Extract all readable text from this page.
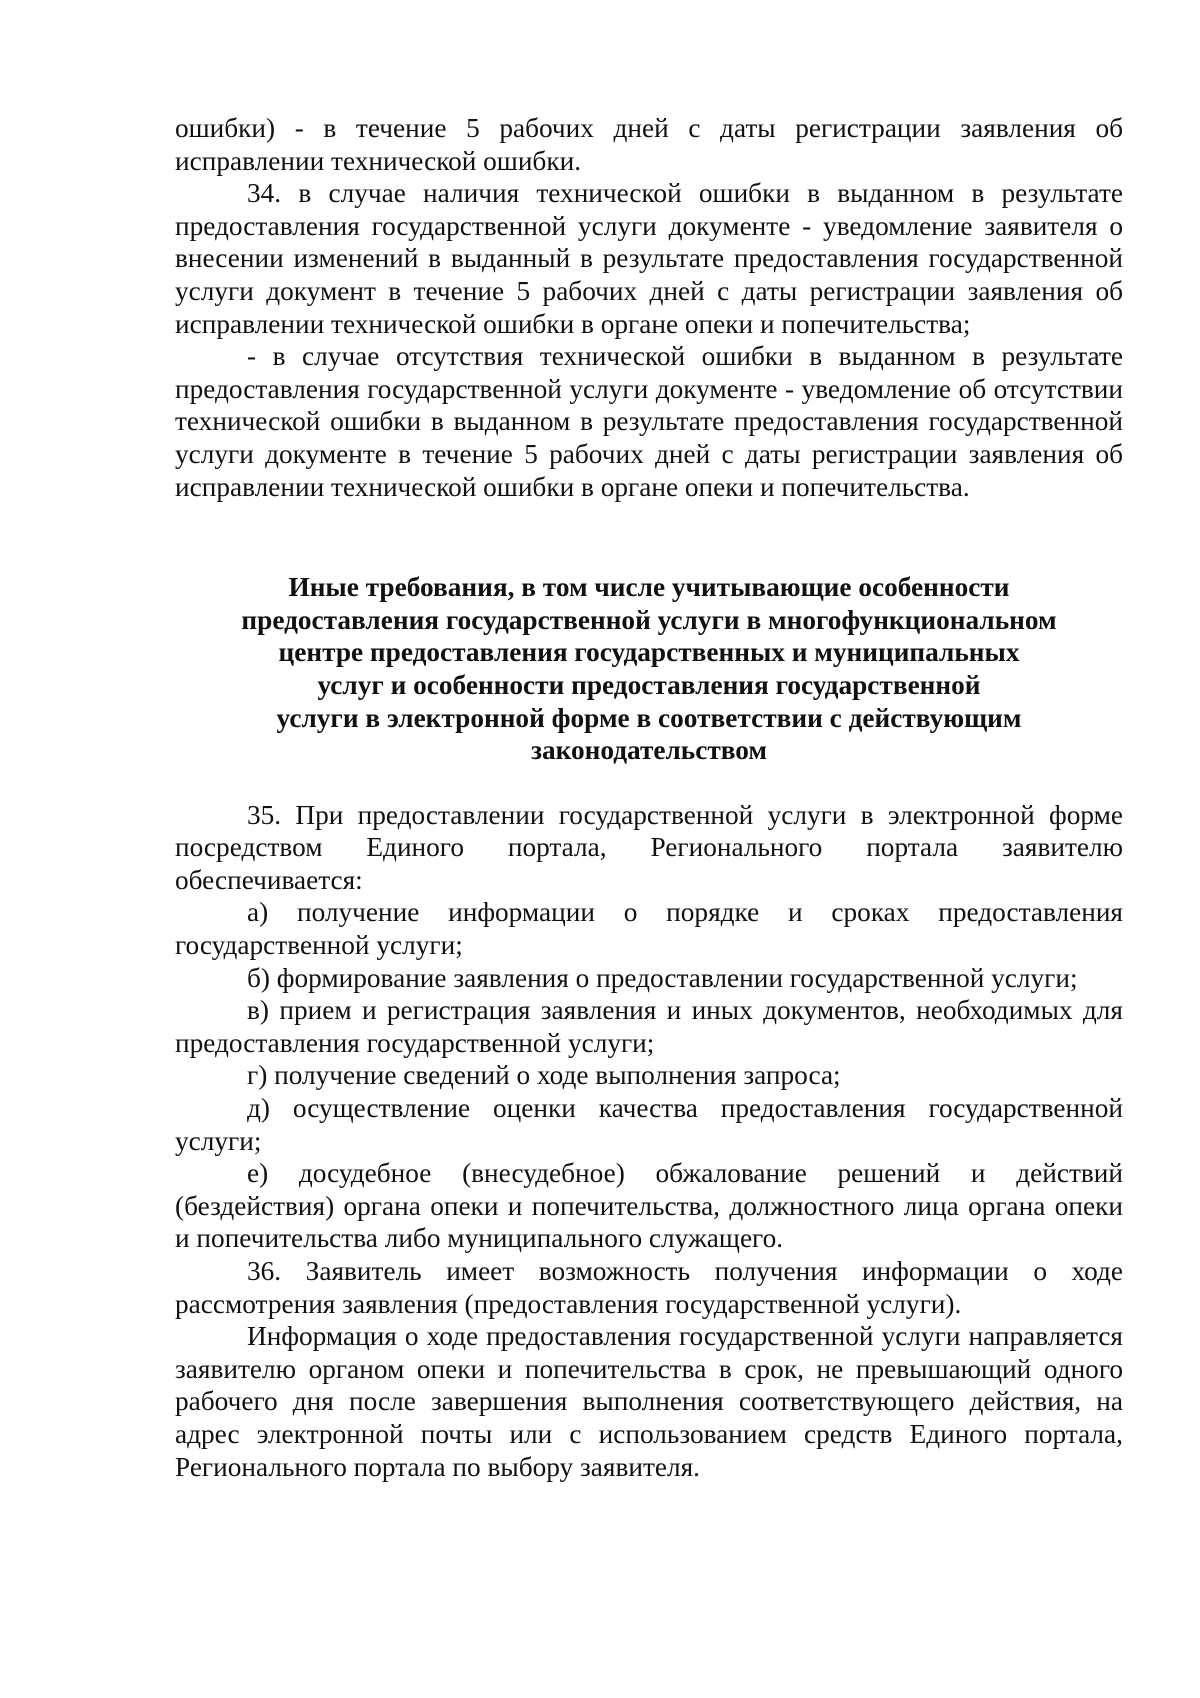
ошибки) - в течение 5 рабочих дней с даты регистрации заявления об исправлении технической ошибки.

34. в случае наличия технической ошибки в выданном в результате предоставления государственной услуги документе - уведомление заявителя о внесении изменений в выданный в результате предоставления государственной услуги документ в течение 5 рабочих дней с даты регистрации заявления об исправлении технической ошибки в органе опеки и попечительства;

- в случае отсутствия технической ошибки в выданном в результате предоставления государственной услуги документе - уведомление об отсутствии технической ошибки в выданном в результате предоставления государственной услуги документе в течение 5 рабочих дней с даты регистрации заявления об исправлении технической ошибки в органе опеки и попечительства.

Иные требования, в том числе учитывающие особенности
предоставления государственной услуги в многофункциональном
центре предоставления государственных и муниципальных
услуг и особенности предоставления государственной
услуги в электронной форме в соответствии с действующим
законодательством

35. При предоставлении государственной услуги в электронной форме посредством Единого портала, Регионального портала заявителю обеспечивается:

а) получение информации о порядке и сроках предоставления государственной услуги;

б) формирование заявления о предоставлении государственной услуги;

в) прием и регистрация заявления и иных документов, необходимых для предоставления государственной услуги;

г) получение сведений о ходе выполнения запроса;

д) осуществление оценки качества предоставления государственной услуги;

е) досудебное (внесудебное) обжалование решений и действий (бездействия) органа опеки и попечительства, должностного лица органа опеки и попечительства либо муниципального служащего.

36. Заявитель имеет возможность получения информации о ходе рассмотрения заявления (предоставления государственной услуги).

Информация о ходе предоставления государственной услуги направляется заявителю органом опеки и попечительства в срок, не превышающий одного рабочего дня после завершения выполнения соответствующего действия, на адрес электронной почты или с использованием средств Единого портала, Регионального портала по выбору заявителя.
